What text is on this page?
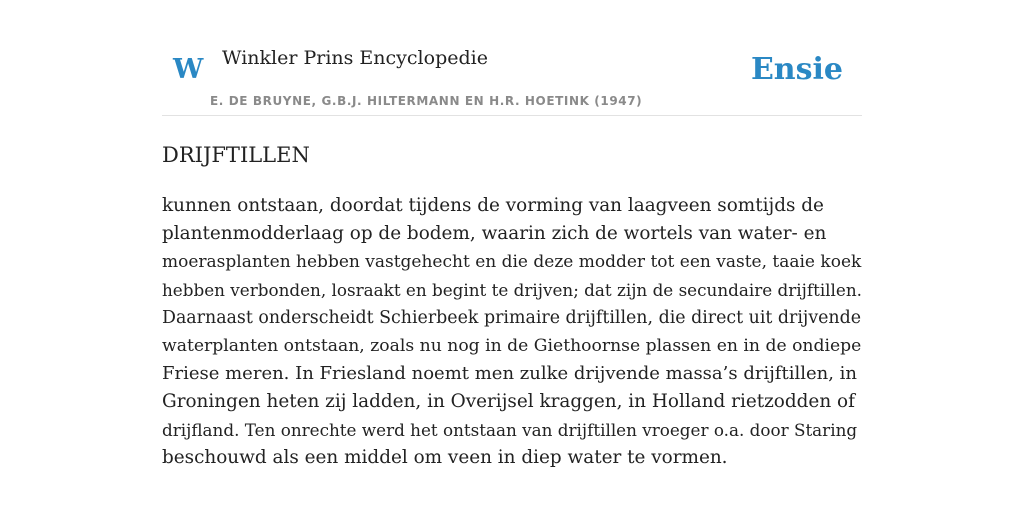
W Winkler Prins Encyclopedie
E. DE BRUYNE, G.B.J. HILTERMANN EN H.R. HOETINK (1947)
Ensie
DRIJFTILLEN

kunnen ontstaan, doordat tijdens de vorming van laagveen somtijds de
plantenmodderlaag op de bodem, waarin zich de wortels van water- en
moerasplanten hebben vastgehecht en die deze modder tot een vaste, taaie koek
hebben verbonden, losraakt en begint te drijven; dat zijn de secundaire drijftillen.
Daarnaast onderscheidt Schierbeek primaire drijftillen, die direct uit drijvende
waterplanten ontstaan, zoals nu nog in de Giethoornse plassen en in de ondiepe
Friese meren. In Friesland noemt men zulke drijvende massa’s drijftillen, in
Groningen heten zij ladden, in Overijsel kraggen, in Holland rietzodden of
drijfland. Ten onrechte werd het ontstaan van drijftillen vroeger o.a. door Staring
beschouwd als een middel om veen in diep water te vormen.
